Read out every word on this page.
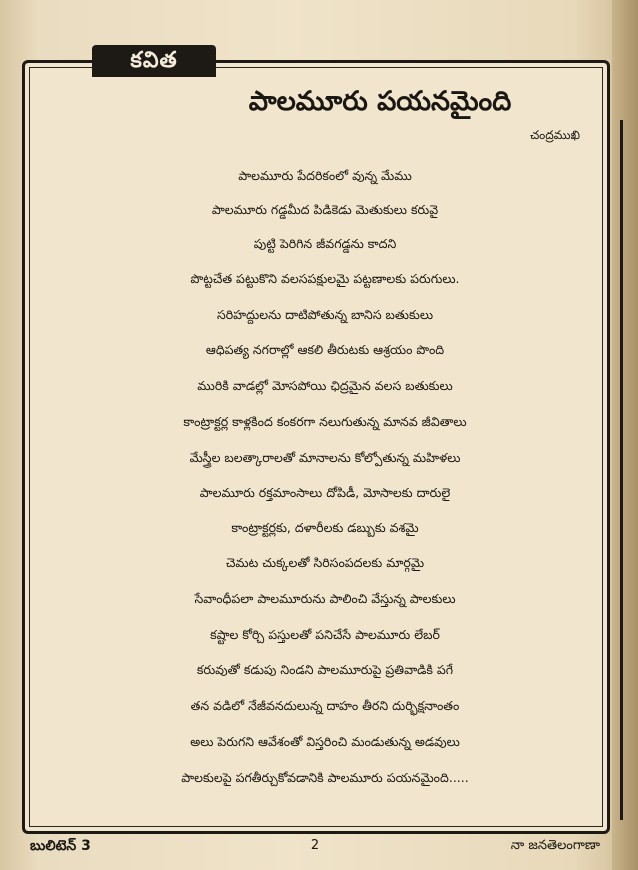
కవిత
పాలమూరు పయనమైంది
చంద్రముఖి
పాలమూరు పేదరికంలో వున్న మేము
పాలమూరు గడ్డమీద పిడికెడు మెతుకులు కరువై
పుట్టి పెరిగిన జీవగడ్డను కాదని
పొట్టచేత పట్టుకొని వలసపక్షులమై పట్టణాలకు పరుగులు.
సరిహద్దులను దాటిపోతున్న బానిస బతుకులు
ఆధిపత్య నగరాల్లో ఆకలి తీరుటకు ఆశ్రయం పొంది
మురికి వాడల్లో మోసపోయి ఛిద్రమైన వలస బతుకులు
కాంట్రాక్టర్ల కాళ్లకింద కంకరగా నలుగుతున్న మానవ జీవితాలు
మేస్త్రీల బలత్కారాలతో మానాలను కోల్పోతున్న మహిళలు
పాలమూరు రక్తమాంసాలు దోపిడీ, మోసాలకు దారులై
కాంట్రాక్టర్లకు, దళారీలకు డబ్బుకు వశమై
చెమట చుక్కలతో సిరిసంపదలకు మార్గమై
సేవాంధీపలా పాలమూరును పాలించి వేస్తున్న పాలకులు
కష్టాల కోర్చి పస్తులతో పనిచేసే పాలమూరు లేబర్
కరువుతో కడుపు నిండని పాలమూరుపై ప్రతివాడికి పగే
తన వడిలో నేజీవనదులున్న దాహం తీరని దుర్భిక్షనాంతం
అలు పెరుగని ఆవేశంతో విస్తరించి మండుతున్న అడవులు
పాలకులపై పగతీర్చుకోవడానికి పాలమూరు పయనమైంది.....
బులిటెన్ 3	2	నా జనతెలంగాణా
